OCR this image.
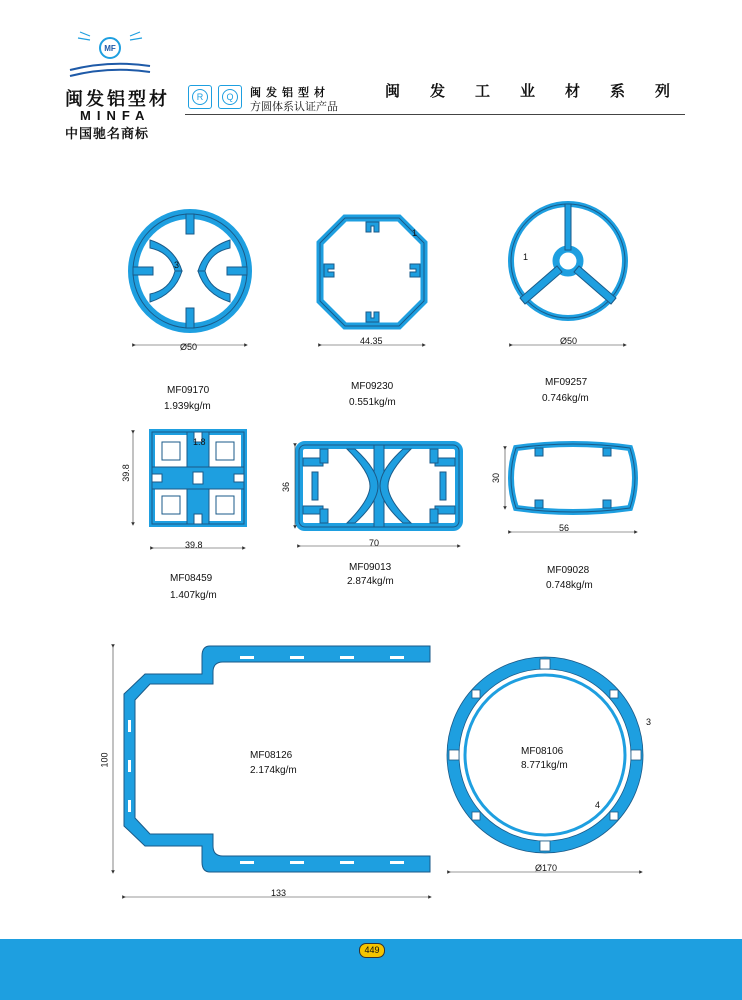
MF
闽发铝型材
MINFA
中国驰名商标
R	Q	闽发铝型材
方圆体系认证产品
闽发工业材系列
Ø50
3
44.35
1
Ø50
1
39.8
39.8
1.8
70
36
56
30
133
100
Ø170
3
4
MF09170
1.939kg/m
MF09230
0.551kg/m
MF09257
0.746kg/m
MF08459
1.407kg/m
MF09013
2.874kg/m
MF09028
0.748kg/m
MF08126
2.174kg/m
MF08106
8.771kg/m
449
